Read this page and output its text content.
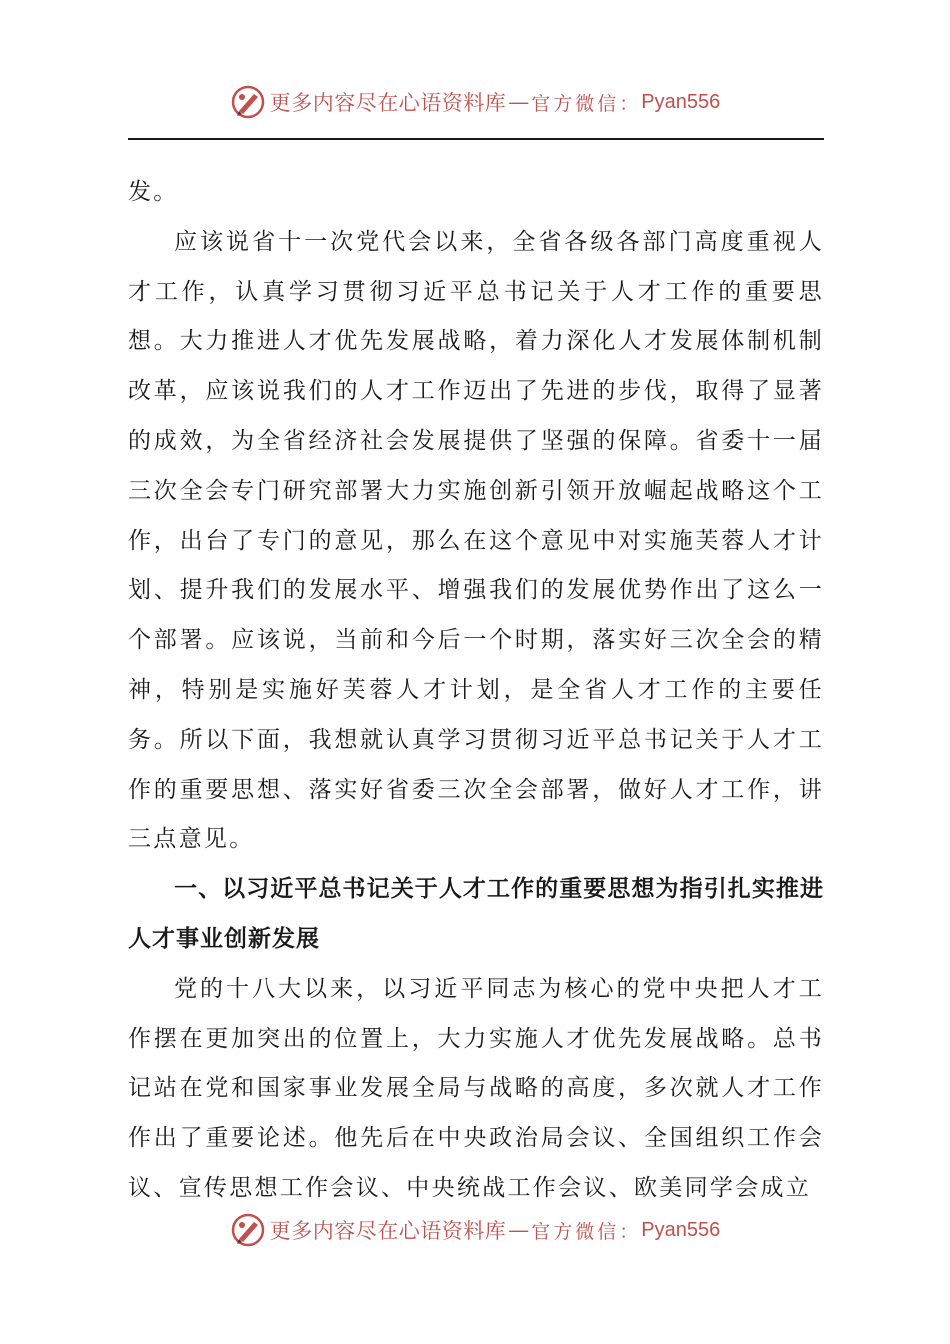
更多内容尽在心语资料库 — 官方微信： Pyan556

发。

应该说省十一次党代会以来，全省各级各部门高度重视人才工作，认真学习贯彻习近平总书记关于人才工作的重要思想。大力推进人才优先发展战略，着力深化人才发展体制机制改革，应该说我们的人才工作迈出了先进的步伐，取得了显著的成效，为全省经济社会发展提供了坚强的保障。省委十一届三次全会专门研究部署大力实施创新引领开放崛起战略这个工作，出台了专门的意见，那么在这个意见中对实施芙蓉人才计划、提升我们的发展水平、增强我们的发展优势作出了这么一个部署。应该说，当前和今后一个时期，落实好三次全会的精神，特别是实施好芙蓉人才计划，是全省人才工作的主要任务。所以下面，我想就认真学习贯彻习近平总书记关于人才工作的重要思想、落实好省委三次全会部署，做好人才工作，讲三点意见。

一、以习近平总书记关于人才工作的重要思想为指引扎实推进人才事业创新发展

党的十八大以来，以习近平同志为核心的党中央把人才工作摆在更加突出的位置上，大力实施人才优先发展战略。总书记站在党和国家事业发展全局与战略的高度，多次就人才工作作出了重要论述。他先后在中央政治局会议、全国组织工作会议、宣传思想工作会议、中央统战工作会议、欧美同学会成立

更多内容尽在心语资料库 — 官方微信： Pyan556
